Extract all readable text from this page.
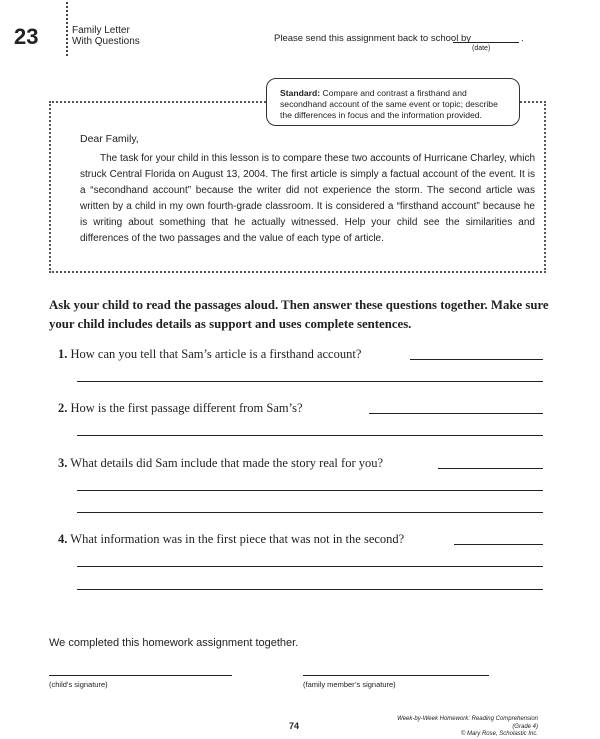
23	Family Letter
With Questions	Please send this assignment back to school by	.
(date)
Standard: Compare and contrast a firsthand and secondhand account of the same event or topic; describe the differences in focus and the information provided.
Dear Family,

The task for your child in this lesson is to compare these two accounts of Hurricane Charley, which struck Central Florida on August 13, 2004. The first article is simply a factual account of the event. It is a “secondhand account” because the writer did not experience the storm. The second article was written by a child in my own fourth-grade classroom. It is considered a “firsthand account” because he is writing about something that he actually witnessed. Help your child see the similarities and differences of the two passages and the value of each type of article.

Ask your child to read the passages aloud. Then answer these questions together. Make sure your child includes details as support and uses complete sentences.

1. How can you tell that Sam’s article is a firsthand account?
2. How is the first passage different from Sam’s?
3. What details did Sam include that made the story real for you?
4. What information was in the first piece that was not in the second?
We completed this homework assignment together.
(child’s signature)	(family member’s signature)
74
Week-by-Week Homework: Reading Comprehension (Grade 4)
© Mary Rose, Scholastic Inc.
